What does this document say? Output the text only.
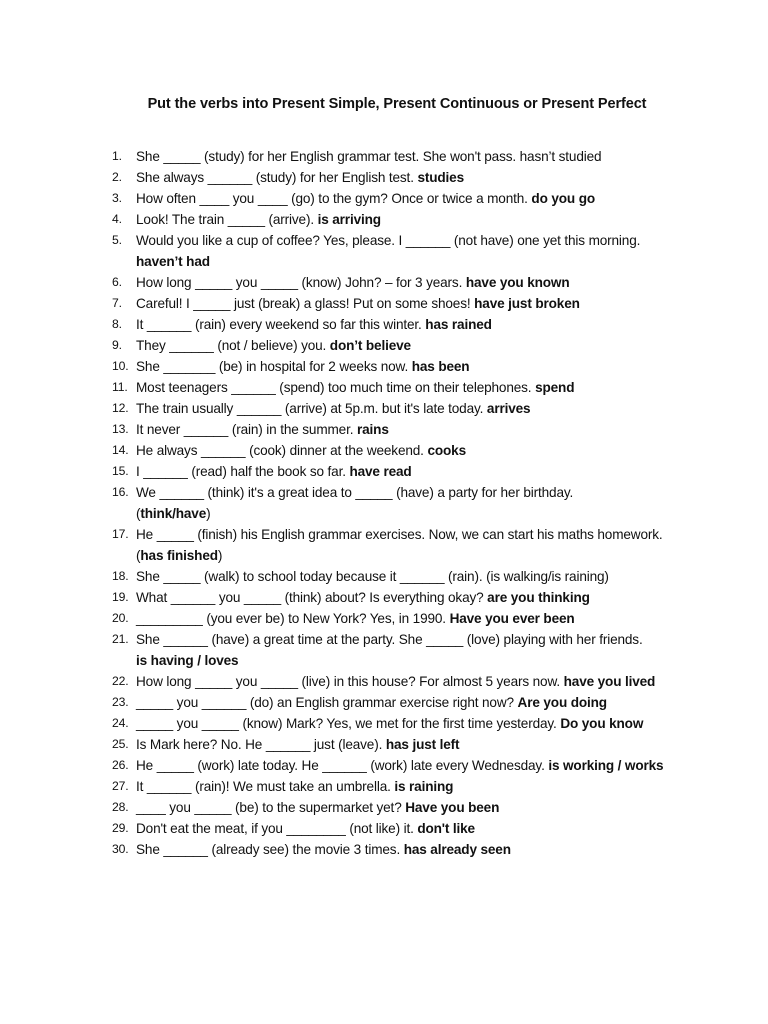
Put the verbs into Present Simple, Present Continuous or Present Perfect
1.	She _____ (study) for her English grammar test. She won't pass. hasn’t studied
2.	She always ______ (study) for her English test. studies
3.	How often ____ you ____ (go) to the gym? Once or twice a month. do you go
4.	Look! The train _____ (arrive). is arriving
5.	Would you like a cup of coffee? Yes, please. I ______ (not have) one yet this morning.
haven’t had
6.	How long _____ you _____ (know) John? – for 3 years. have you known
7.	Careful! I _____ just (break) a glass! Put on some shoes! have just broken
8.	It ______ (rain) every weekend so far this winter. has rained
9.	They ______ (not / believe) you. don’t believe
10. She _______ (be) in hospital for 2 weeks now. has been
11. Most teenagers ______ (spend) too much time on their telephones. spend
12. The train usually ______ (arrive) at 5p.m. but it's late today. arrives
13. It never ______ (rain) in the summer. rains
14. He always ______ (cook) dinner at the weekend. cooks
15. I ______ (read) half the book so far. have read
16. We ______ (think) it's a great idea to _____ (have) a party for her birthday.
(think/have)
17. He _____ (finish) his English grammar exercises. Now, we can start his maths homework. (has finished)
18. She _____ (walk) to school today because it ______ (rain). (is walking/is raining)
19. What ______ you _____ (think) about? Is everything okay? are you thinking
20. _________ (you ever be) to New York? Yes, in 1990. Have you ever been
21. She ______ (have) a great time at the party. She _____ (love) playing with her friends.
is having / loves
22. How long _____ you _____ (live) in this house? For almost 5 years now. have you lived
23. _____ you ______ (do) an English grammar exercise right now? Are you doing
24. _____ you _____ (know) Mark? Yes, we met for the first time yesterday. Do you know
25. Is Mark here? No. He ______ just (leave). has just left
26. He _____ (work) late today. He ______ (work) late every Wednesday. is working / works
27. It ______ (rain)! We must take an umbrella. is raining
28. ____ you _____ (be) to the supermarket yet? Have you been
29. Don't eat the meat, if you ________ (not like) it. don't like
30. She ______ (already see) the movie 3 times. has already seen
